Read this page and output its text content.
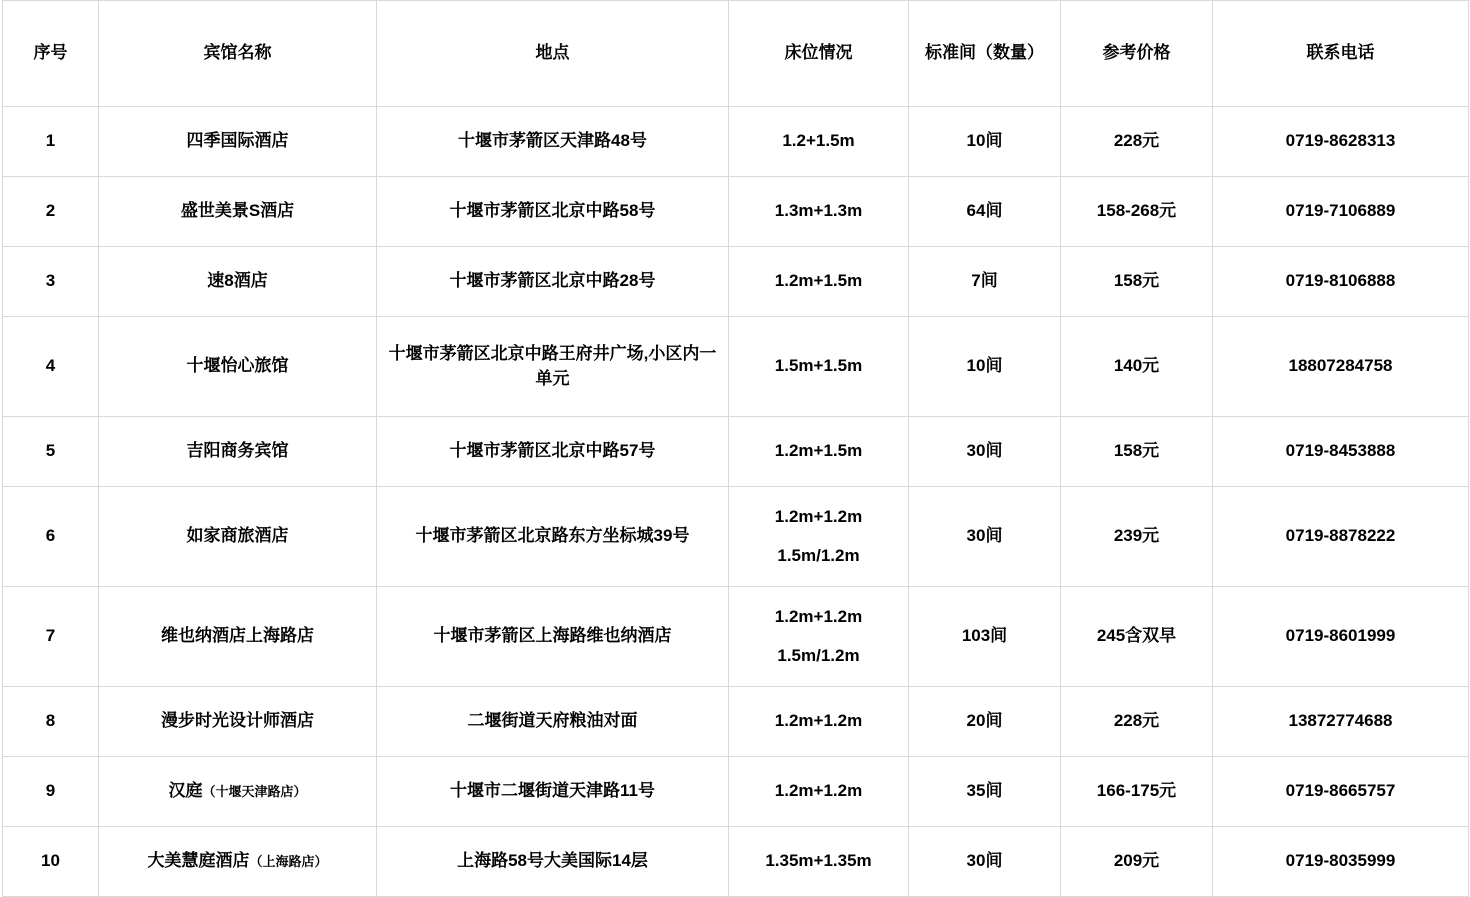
序号	宾馆名称	地点	床位情况	标准间（数量）	参考价格	联系电话
1	四季国际酒店	十堰市茅箭区天津路48号	1.2+1.5m	10间	228元	0719-8628313
2	盛世美景S酒店	十堰市茅箭区北京中路58号	1.3m+1.3m	64间	158-268元	0719-7106889
3	速8酒店	十堰市茅箭区北京中路28号	1.2m+1.5m	7间	158元	0719-8106888
4	十堰怡心旅馆	十堰市茅箭区北京中路王府井广场,小区内一单元	1.5m+1.5m	10间	140元	18807284758
5	吉阳商务宾馆	十堰市茅箭区北京中路57号	1.2m+1.5m	30间	158元	0719-8453888
6	如家商旅酒店	十堰市茅箭区北京路东方坐标城39号	1.2m+1.2m
1.5m/1.2m	30间	239元	0719-8878222
7	维也纳酒店上海路店	十堰市茅箭区上海路维也纳酒店	1.2m+1.2m
1.5m/1.2m	103间	245含双早	0719-8601999
8	漫步时光设计师酒店	二堰街道天府粮油对面	1.2m+1.2m	20间	228元	13872774688
9	汉庭（十堰天津路店）	十堰市二堰街道天津路11号	1.2m+1.2m	35间	166-175元	0719-8665757
10	大美慧庭酒店（上海路店）	上海路58号大美国际14层	1.35m+1.35m	30间	209元	0719-8035999
